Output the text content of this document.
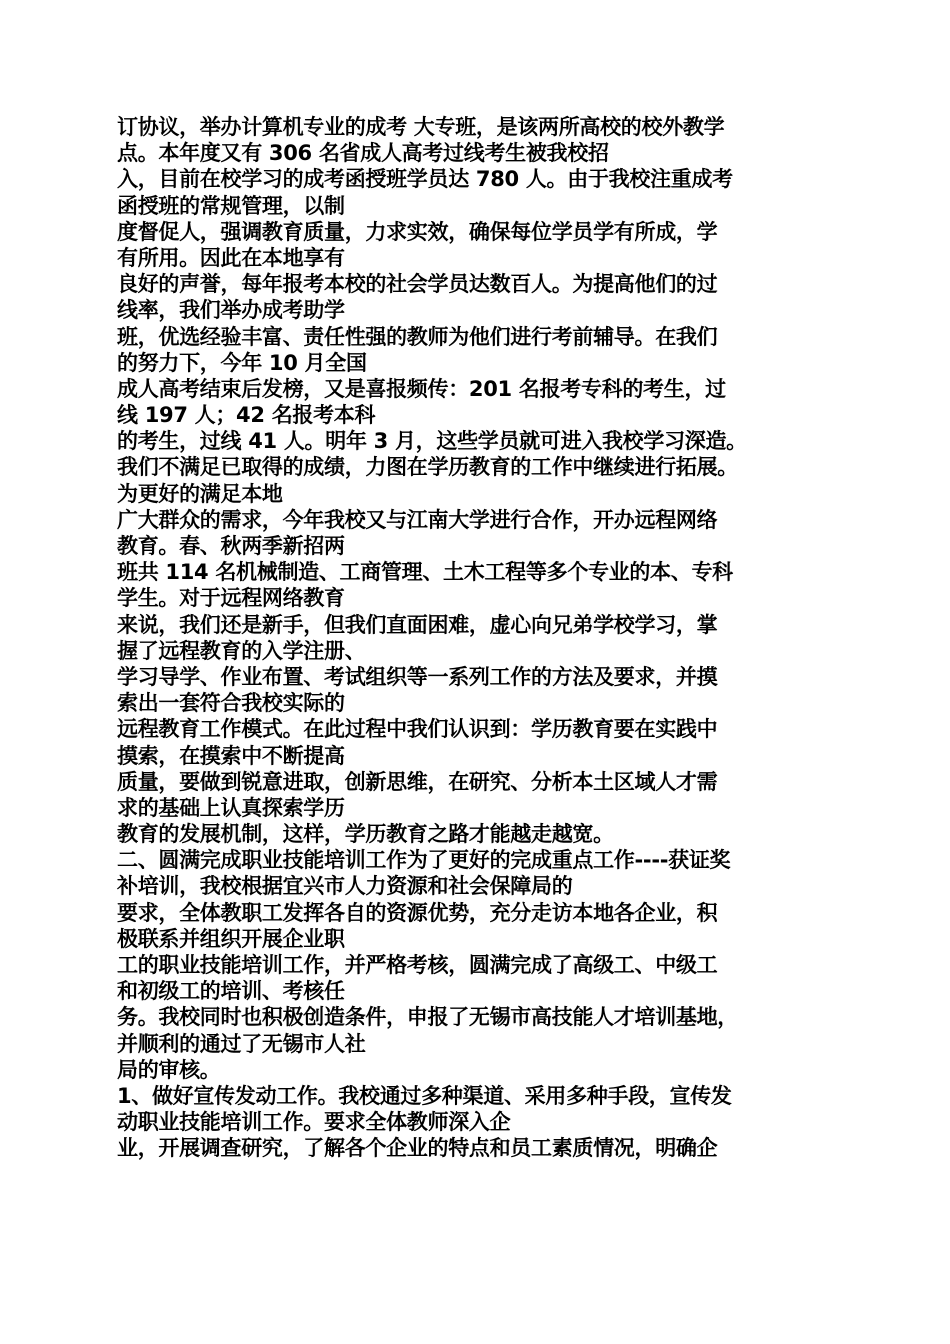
订协议，举办计算机专业的成考 大专班，是该两所高校的校外教学
点。本年度又有 306 名省成人高考过线考生被我校招
入，目前在校学习的成考函授班学员达 780 人。由于我校注重成考
函授班的常规管理，以制
度督促人，强调教育质量，力求实效，确保每位学员学有所成，学
有所用。因此在本地享有
良好的声誉，每年报考本校的社会学员达数百人。为提高他们的过
线率，我们举办成考助学
班，优选经验丰富、责任性强的教师为他们进行考前辅导。在我们
的努力下，今年 10 月全国
成人高考结束后发榜，又是喜报频传：201 名报考专科的考生，过
线 197 人；42 名报考本科
的考生，过线 41 人。明年 3 月，这些学员就可进入我校学习深造。
我们不满足已取得的成绩，力图在学历教育的工作中继续进行拓展。
为更好的满足本地
广大群众的需求，今年我校又与江南大学进行合作，开办远程网络
教育。春、秋两季新招两
班共 114 名机械制造、工商管理、土木工程等多个专业的本、专科
学生。对于远程网络教育
来说，我们还是新手，但我们直面困难，虚心向兄弟学校学习，掌
握了远程教育的入学注册、
学习导学、作业布置、考试组织等一系列工作的方法及要求，并摸
索出一套符合我校实际的
远程教育工作模式。在此过程中我们认识到：学历教育要在实践中
摸索，在摸索中不断提高
质量，要做到锐意进取，创新思维，在研究、分析本土区域人才需
求的基础上认真探索学历
教育的发展机制，这样，学历教育之路才能越走越宽。
二、圆满完成职业技能培训工作为了更好的完成重点工作----获证奖
补培训，我校根据宜兴市人力资源和社会保障局的
要求，全体教职工发挥各自的资源优势，充分走访本地各企业，积
极联系并组织开展企业职
工的职业技能培训工作，并严格考核，圆满完成了高级工、中级工
和初级工的培训、考核任
务。我校同时也积极创造条件，申报了无锡市高技能人才培训基地，
并顺利的通过了无锡市人社
局的审核。
1、做好宣传发动工作。我校通过多种渠道、采用多种手段，宣传发
动职业技能培训工作。要求全体教师深入企
业，开展调查研究，了解各个企业的特点和员工素质情况，明确企
